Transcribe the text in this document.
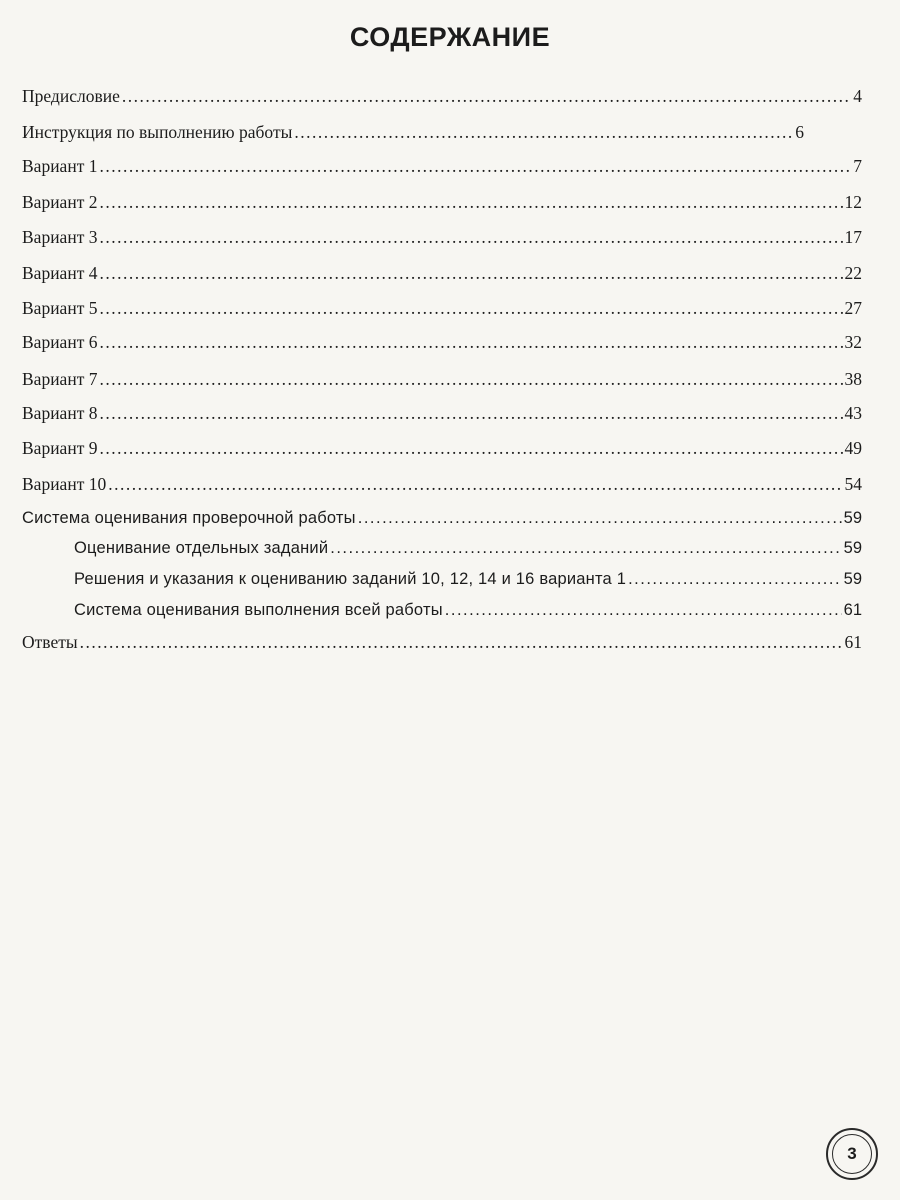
СОДЕРЖАНИЕ
Предисловие .....	4
Инструкция по выполнению работы .....	6
Вариант 1 .....	7
Вариант 2 .....	12
Вариант 3 .....	17
Вариант 4 .....	22
Вариант 5 .....	27
Вариант 6 .....	32
Вариант 7 .....	38
Вариант 8 .....	43
Вариант 9 .....	49
Вариант 10 .....	54
Система оценивания проверочной работы .....	59
Оценивание отдельных заданий .....	59
Решения и указания к оцениванию заданий 10, 12, 14 и 16 варианта 1 .....	59
Система оценивания выполнения всей работы .....	61
Ответы .....	61
3
